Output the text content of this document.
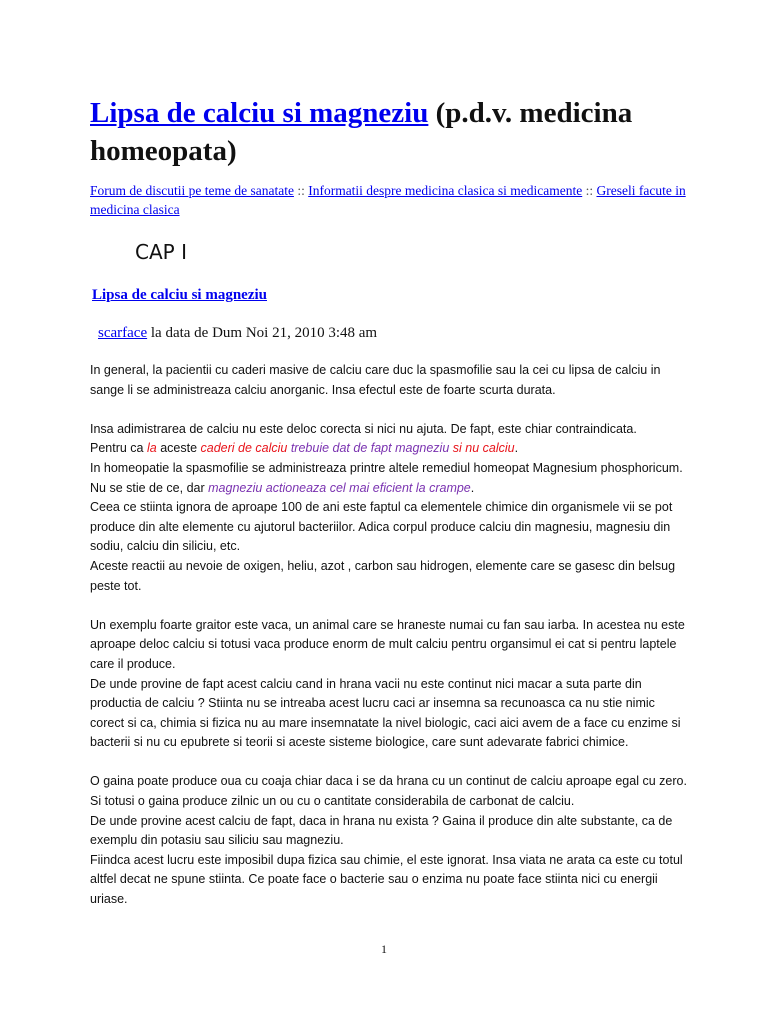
Lipsa de calciu si magneziu (p.d.v. medicina homeopata)
Forum de discutii pe teme de sanatate :: Informatii despre medicina clasica si medicamente :: Greseli facute in medicina clasica
CAP I
Lipsa de calciu si magneziu
scarface la data de Dum Noi 21, 2010 3:48 am

In general, la pacientii cu caderi masive de calciu care duc la spasmofilie sau la cei cu lipsa de calciu in sange li se administreaza calciu anorganic. Insa efectul este de foarte scurta durata.

Insa adimistrarea de calciu nu este deloc corecta si nici nu ajuta. De fapt, este chiar contraindicata.

Pentru ca la aceste caderi de calciu trebuie dat de fapt magneziu si nu calciu.

In homeopatie la spasmofilie se administreaza printre altele remediul homeopat Magnesium phosphoricum. Nu se stie de ce, dar magneziu actioneaza cel mai eficient la crampe.

Ceea ce stiinta ignora de aproape 100 de ani este faptul ca elementele chimice din organismele vii se pot produce din alte elemente cu ajutorul bacteriilor. Adica corpul produce calciu din magnesiu, magnesiu din sodiu, calciu din siliciu, etc.

Aceste reactii au nevoie de oxigen, heliu, azot , carbon sau hidrogen, elemente care se gasesc din belsug peste tot.

Un exemplu foarte graitor este vaca, un animal care se hraneste numai cu fan sau iarba. In acestea nu este aproape deloc calciu si totusi vaca produce enorm de mult calciu pentru organsimul ei cat si pentru laptele care il produce.

De unde provine de fapt acest calciu cand in hrana vacii nu este continut nici macar a suta parte din productia de calciu ? Stiinta nu se intreaba acest lucru caci ar insemna sa recunoasca ca nu stie nimic corect si ca, chimia si fizica nu au mare insemnatate la nivel biologic, caci aici avem de a face cu enzime si bacterii si nu cu epubrete si teorii si aceste sisteme biologice, care sunt adevarate fabrici chimice.

O gaina poate produce oua cu coaja chiar daca i se da hrana cu un continut de calciu aproape egal cu zero. Si totusi o gaina produce zilnic un ou cu o cantitate considerabila de carbonat de calciu.

De unde provine acest calciu de fapt, daca in hrana nu exista ? Gaina il produce din alte substante, ca de exemplu din potasiu sau siliciu sau magneziu.

Fiindca acest lucru este imposibil dupa fizica sau chimie, el este ignorat. Insa viata ne arata ca este cu totul altfel decat ne spune stiinta. Ce poate face o bacterie sau o enzima nu poate face stiinta nici cu energii uriase.

1
